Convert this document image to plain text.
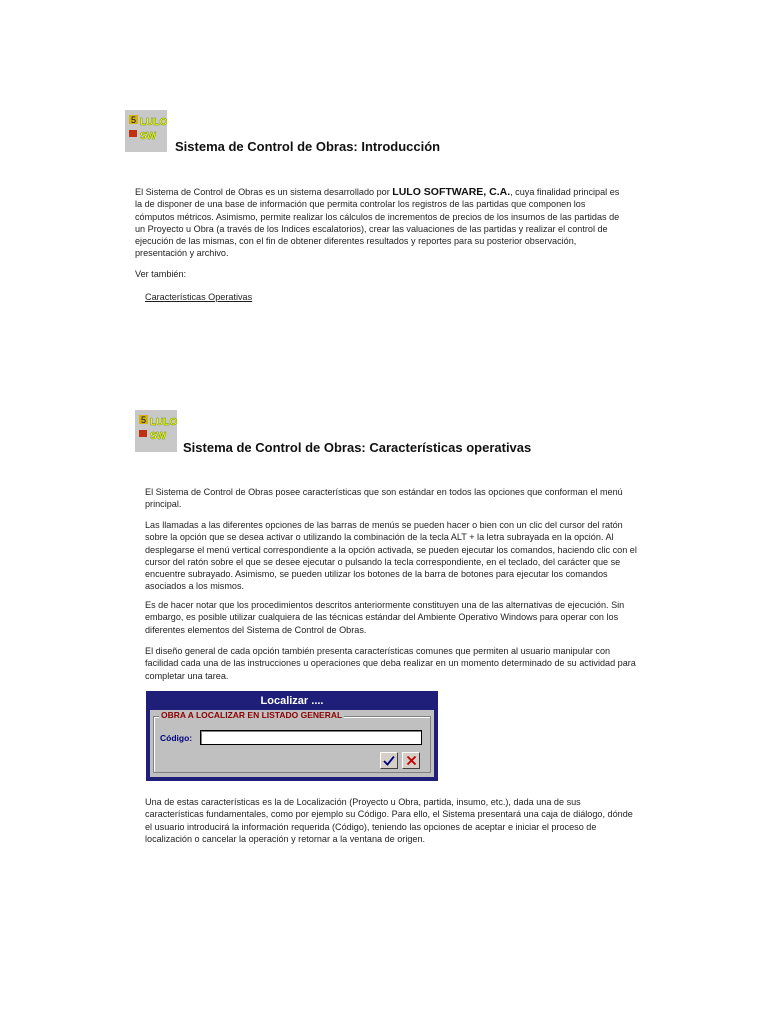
5 LULO
SW
Sistema de Control de Obras: Introducción

El Sistema de Control de Obras es un sistema desarrollado por LULO SOFTWARE, C.A., cuya finalidad principal es la de disponer de una base de información que permita controlar los registros de las partidas que componen los cómputos métricos. Asimismo, permite realizar los cálculos de incrementos de precios de los insumos de las partidas de un Proyecto u Obra (a través de los Indices escalatorios), crear las valuaciones de las partidas y realizar el control de ejecución de las mismas, con el fin de obtener diferentes resultados y reportes para su posterior observación, presentación y archivo.

Ver también:

Características Operativas
5 LULO
SW
Sistema de Control de Obras: Características operativas

El Sistema de Control de Obras posee características que son estándar en todos las opciones que conforman el menú principal.

Las llamadas a las diferentes opciones de las barras de menús se pueden hacer o bien con un clic del cursor del ratón sobre la opción que se desea activar o utilizando la combinación de la tecla ALT + la letra subrayada en la opción. Al desplegarse el menú vertical correspondiente a la opción activada, se pueden ejecutar los comandos, haciendo clic con el cursor del ratón sobre el que se desee ejecutar o pulsando la tecla correspondiente, en el teclado, del carácter que se encuentre subrayado. Asimismo, se pueden utilizar los botones de la barra de botones para ejecutar los comandos asociados a los mismos.

Es de hacer notar que los procedimientos descritos anteriormente constituyen una de las alternativas de ejecución. Sin embargo, es posible utilizar cualquiera de las técnicas estándar del Ambiente Operativo Windows para operar con los diferentes elementos del Sistema de Control de Obras.

El diseño general de cada opción también presenta características comunes que permiten al usuario manipular con facilidad cada una de las instrucciones u operaciones que deba realizar en un momento determinado de su actividad para completar una tarea.

Localizar ....
OBRA A LOCALIZAR EN LISTADO GENERAL
Código:

Una de estas características es la de Localización (Proyecto u Obra, partida, insumo, etc.), dada una de sus características fundamentales, como por ejemplo su Código. Para ello, el Sistema presentará una caja de diálogo, dónde el usuario introducirá la información requerida (Código), teniendo las opciones de aceptar e iniciar el proceso de localización o cancelar la operación y retornar a la ventana de origen.
